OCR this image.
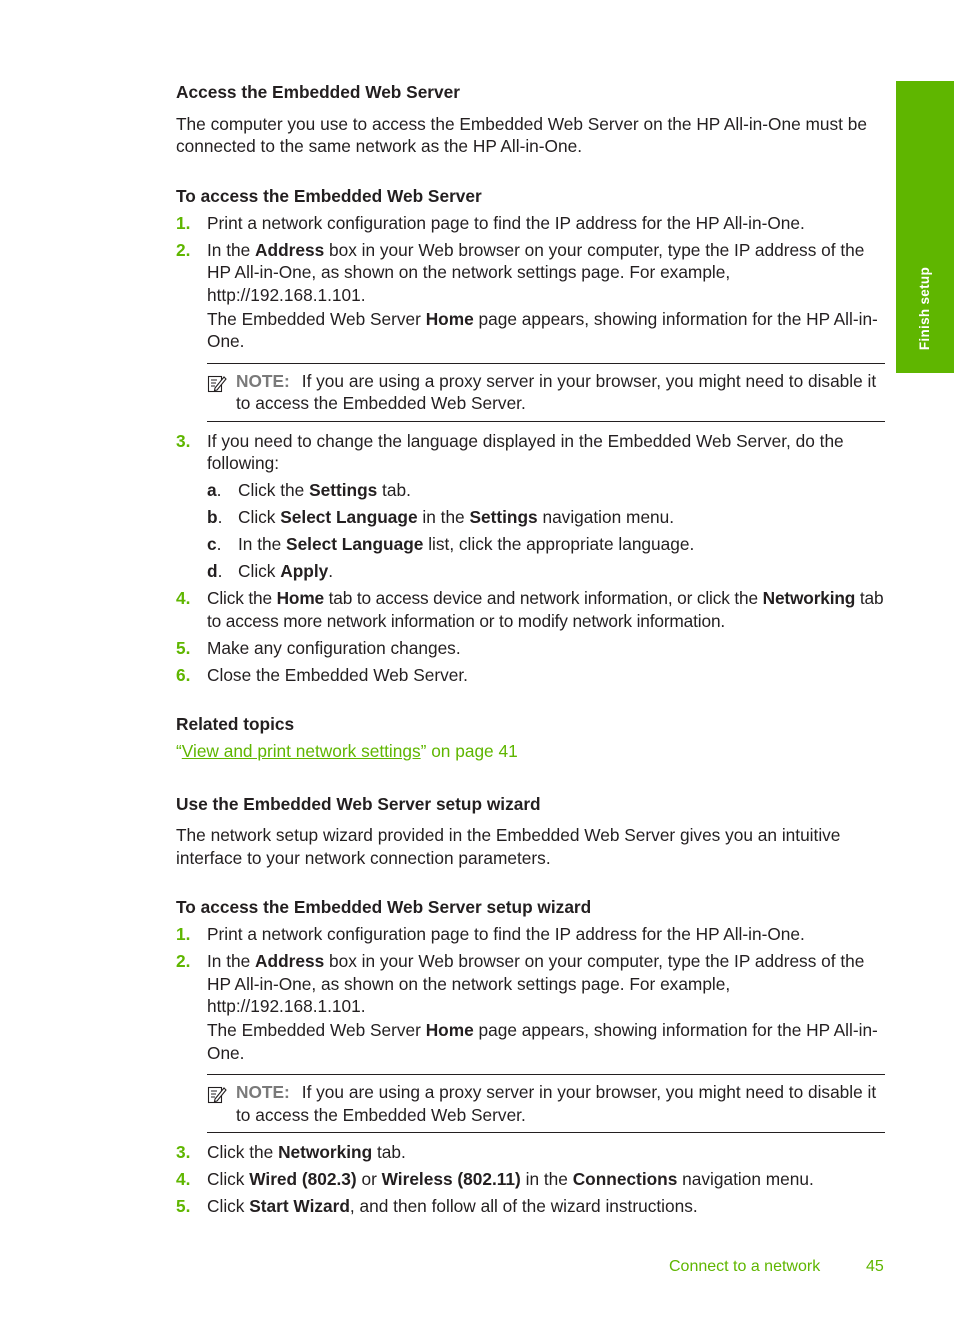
Finish setup
Access the Embedded Web Server

The computer you use to access the Embedded Web Server on the HP All-in-One must be connected to the same network as the HP All-in-One.

To access the Embedded Web Server
1. Print a network configuration page to find the IP address for the HP All-in-One.
2. In the Address box in your Web browser on your computer, type the IP address of the HP All-in-One, as shown on the network settings page. For example, http://192.168.1.101.

The Embedded Web Server Home page appears, showing information for the HP All-in-One.

NOTE: If you are using a proxy server in your browser, you might need to disable it to access the Embedded Web Server.
3. If you need to change the language displayed in the Embedded Web Server, do the following:

a. Click the Settings tab.
b. Click Select Language in the Settings navigation menu.
c. In the Select Language list, click the appropriate language.
d. Click Apply.
4. Click the Home tab to access device and network information, or click the Networking tab to access more network information or to modify network information.

5. Make any configuration changes.
6. Close the Embedded Web Server.
Related topics

“View and print network settings” on page 41

Use the Embedded Web Server setup wizard

The network setup wizard provided in the Embedded Web Server gives you an intuitive interface to your network connection parameters.

To access the Embedded Web Server setup wizard
1. Print a network configuration page to find the IP address for the HP All-in-One.
2. In the Address box in your Web browser on your computer, type the IP address of the HP All-in-One, as shown on the network settings page. For example, http://192.168.1.101.

The Embedded Web Server Home page appears, showing information for the HP All-in-One.

NOTE: If you are using a proxy server in your browser, you might need to disable it to access the Embedded Web Server.
3. Click the Networking tab.
4. Click Wired (802.3) or Wireless (802.11) in the Connections navigation menu.
5. Click Start Wizard, and then follow all of the wizard instructions.
Connect to a network	45
